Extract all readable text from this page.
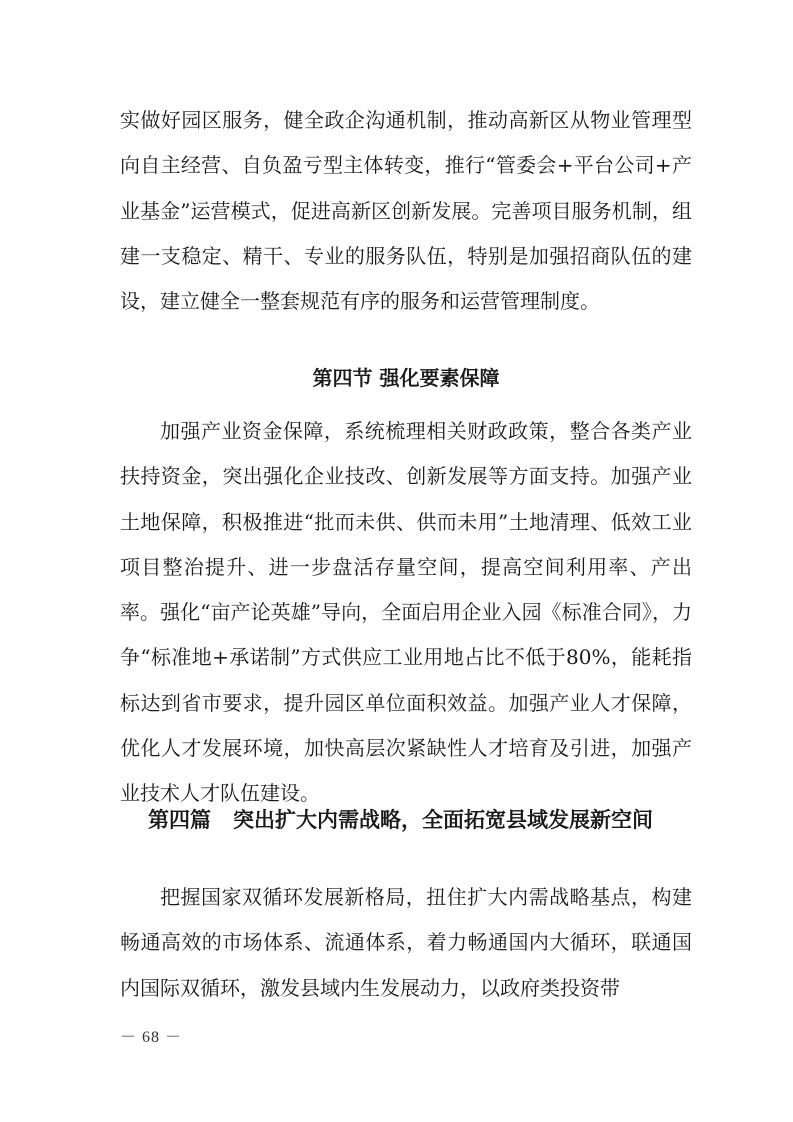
实做好园区服务，健全政企沟通机制，推动高新区从物业管理型向自主经营、自负盈亏型主体转变，推行“管委会+平台公司+产业基金”运营模式，促进高新区创新发展。完善项目服务机制，组建一支稳定、精干、专业的服务队伍，特别是加强招商队伍的建设，建立健全一整套规范有序的服务和运营管理制度。

第四节 强化要素保障

加强产业资金保障，系统梳理相关财政政策，整合各类产业扶持资金，突出强化企业技改、创新发展等方面支持。加强产业土地保障，积极推进“批而未供、供而未用”土地清理、低效工业项目整治提升、进一步盘活存量空间，提高空间利用率、产出率。强化“亩产论英雄”导向，全面启用企业入园《标准合同》，力争“标准地+承诺制”方式供应工业用地占比不低于80%，能耗指标达到省市要求，提升园区单位面积效益。加强产业人才保障，优化人才发展环境，加快高层次紧缺性人才培育及引进，加强产业技术人才队伍建设。

第四篇 突出扩大内需战略，全面拓宽县域发展新空间

把握国家双循环发展新格局，扭住扩大内需战略基点，构建畅通高效的市场体系、流通体系，着力畅通国内大循环，联通国内国际双循环，激发县域内生发展动力，以政府类投资带

－ 68 －
